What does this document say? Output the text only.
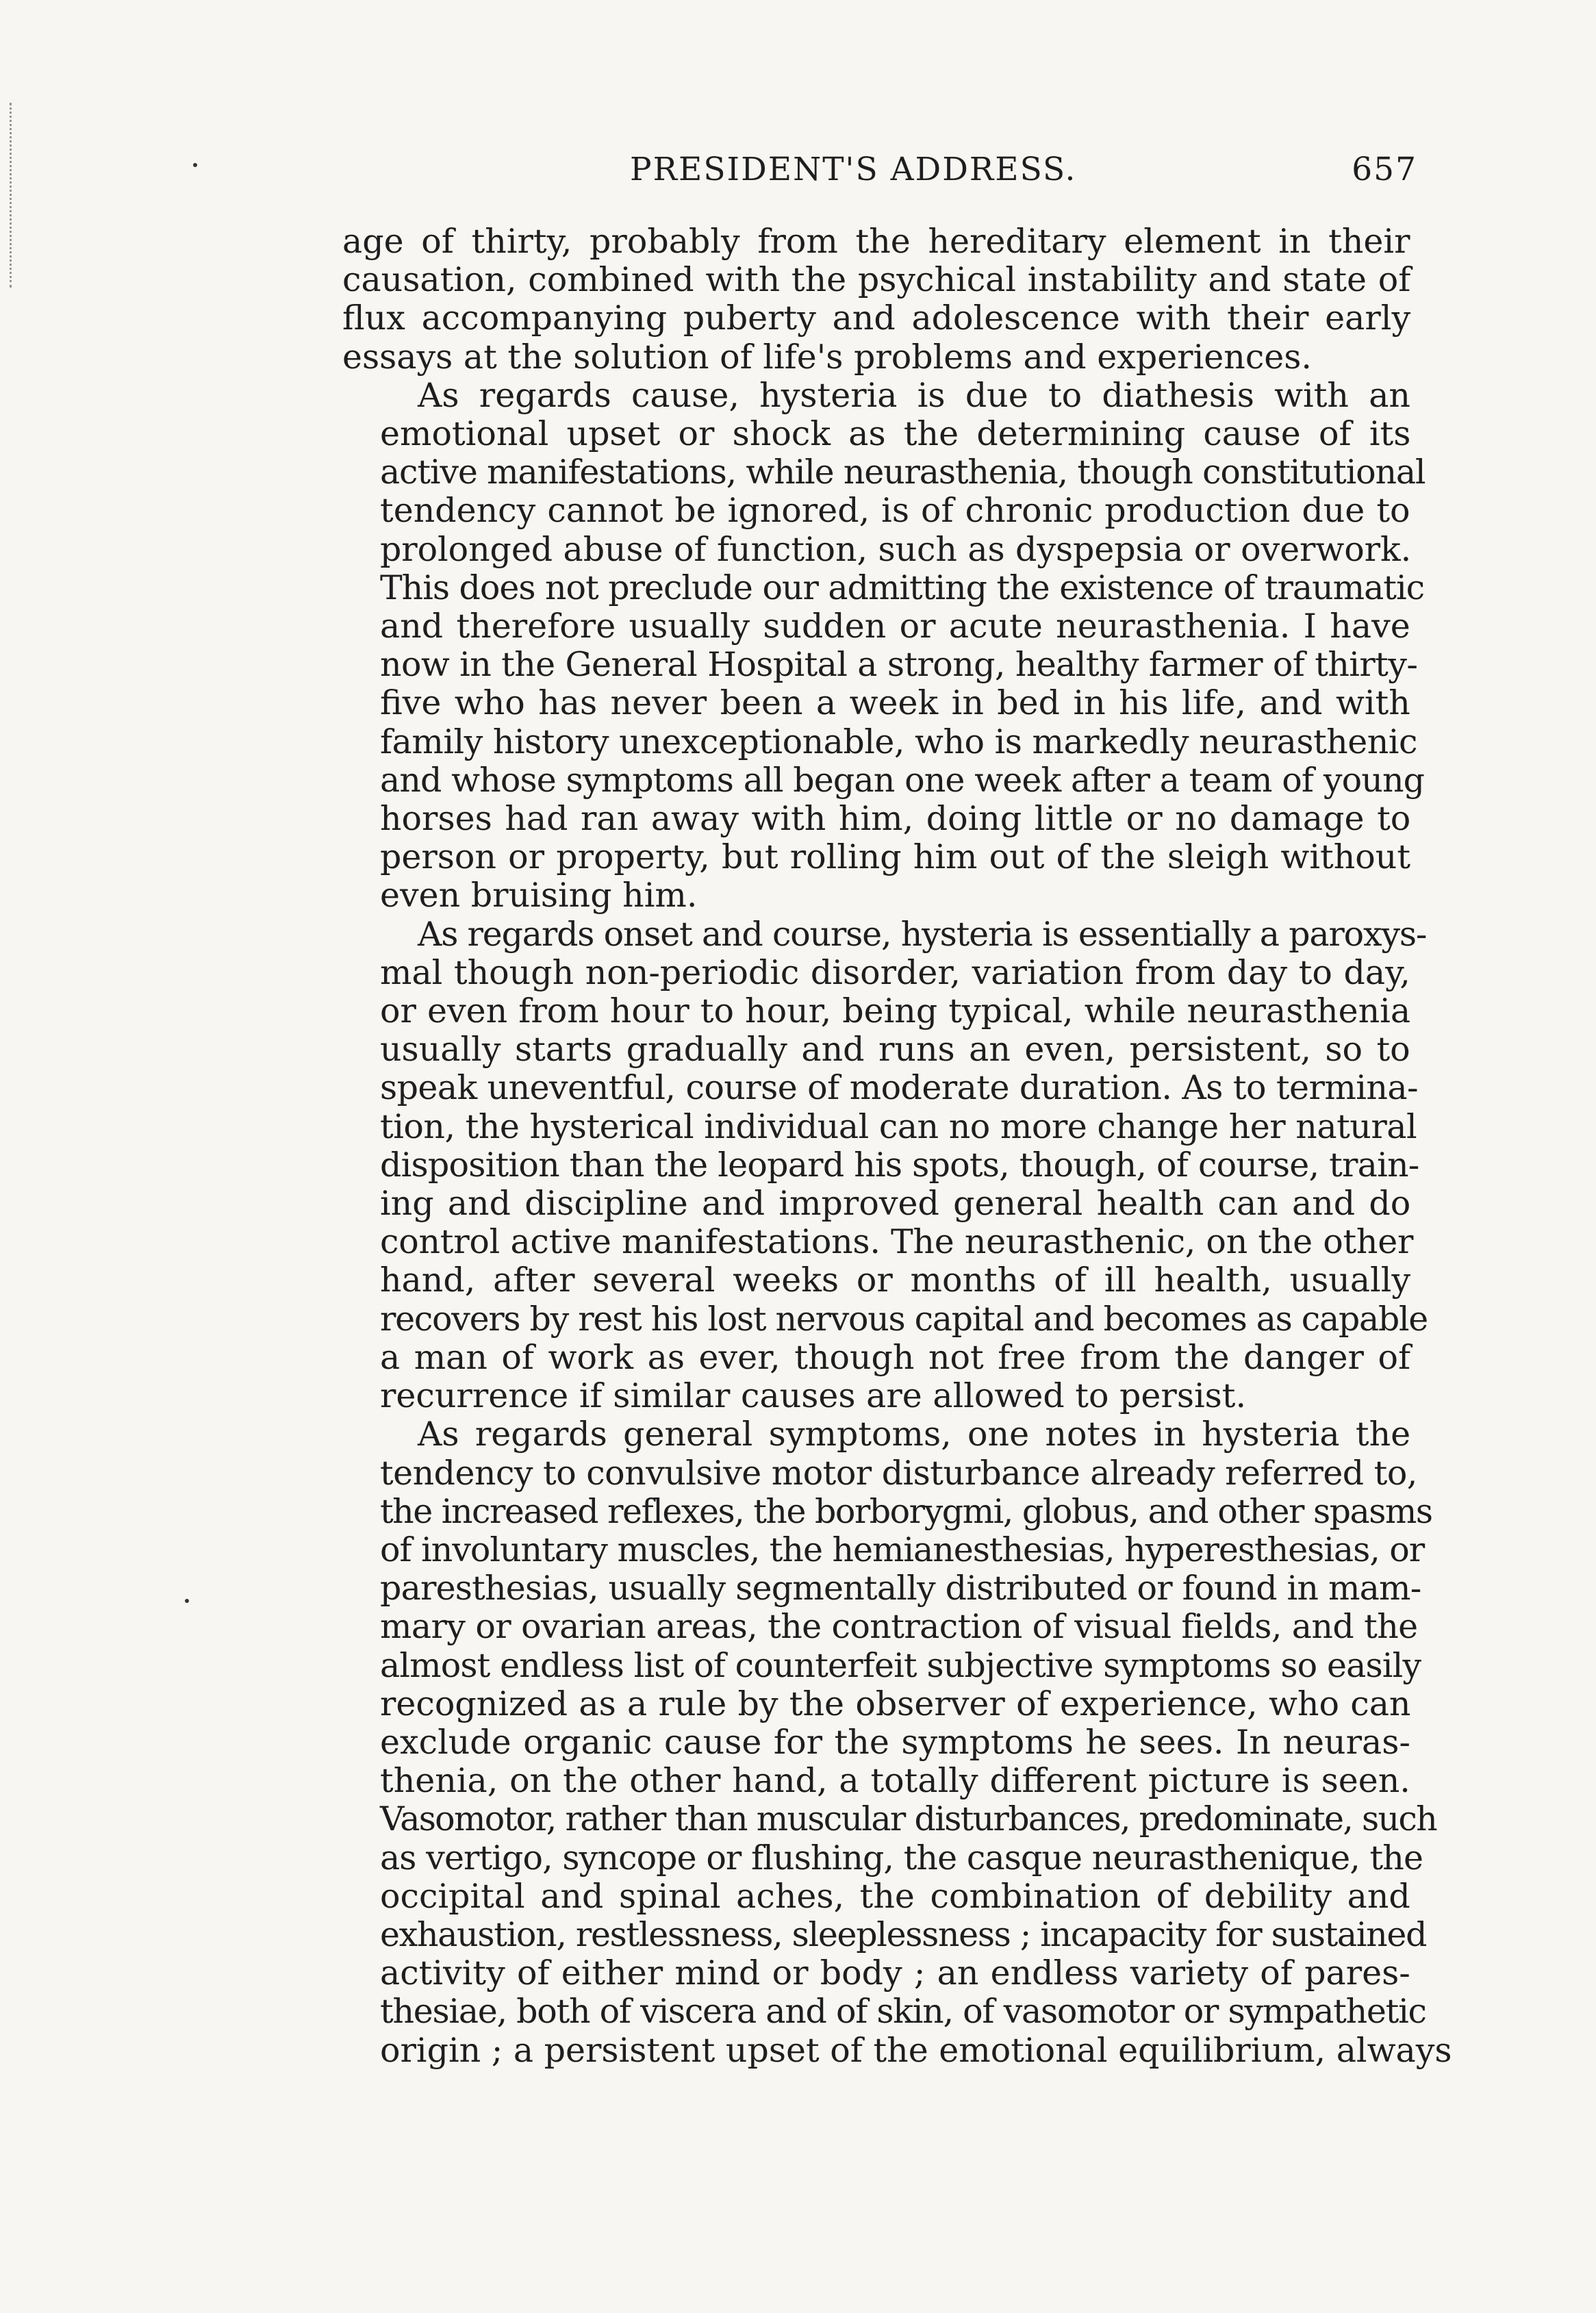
PRESIDENT'S ADDRESS.	657

age of thirty, probably from the hereditary element in their
causation, combined with the psychical instability and state of
flux accompanying puberty and adolescence with their early
essays at the solution of life's problems and experiences.

As regards cause, hysteria is due to diathesis with an
emotional upset or shock as the determining cause of its
active manifestations, while neurasthenia, though constitutional
tendency cannot be ignored, is of chronic production due to
prolonged abuse of function, such as dyspepsia or overwork.
This does not preclude our admitting the existence of traumatic
and therefore usually sudden or acute neurasthenia. I have
now in the General Hospital a strong, healthy farmer of thirty-
five who has never been a week in bed in his life, and with
family history unexceptionable, who is markedly neurasthenic
and whose symptoms all began one week after a team of young
horses had ran away with him, doing little or no damage to
person or property, but rolling him out of the sleigh without
even bruising him.

As regards onset and course, hysteria is essentially a paroxys-
mal though non-periodic disorder, variation from day to day,
or even from hour to hour, being typical, while neurasthenia
usually starts gradually and runs an even, persistent, so to
speak uneventful, course of moderate duration. As to termina-
tion, the hysterical individual can no more change her natural
disposition than the leopard his spots, though, of course, train-
ing and discipline and improved general health can and do
control active manifestations. The neurasthenic, on the other
hand, after several weeks or months of ill health, usually
recovers by rest his lost nervous capital and becomes as capable
a man of work as ever, though not free from the danger of
recurrence if similar causes are allowed to persist.

As regards general symptoms, one notes in hysteria the
tendency to convulsive motor disturbance already referred to,
the increased reflexes, the borborygmi, globus, and other spasms
of involuntary muscles, the hemianesthesias, hyperesthesias, or
paresthesias, usually segmentally distributed or found in mam-
mary or ovarian areas, the contraction of visual fields, and the
almost endless list of counterfeit subjective symptoms so easily
recognized as a rule by the observer of experience, who can
exclude organic cause for the symptoms he sees. In neuras-
thenia, on the other hand, a totally different picture is seen.
Vasomotor, rather than muscular disturbances, predominate, such
as vertigo, syncope or flushing, the casque neurasthenique, the
occipital and spinal aches, the combination of debility and
exhaustion, restlessness, sleeplessness ; incapacity for sustained
activity of either mind or body ; an endless variety of pares-
thesiae, both of viscera and of skin, of vasomotor or sympathetic
origin ; a persistent upset of the emotional equilibrium, always
